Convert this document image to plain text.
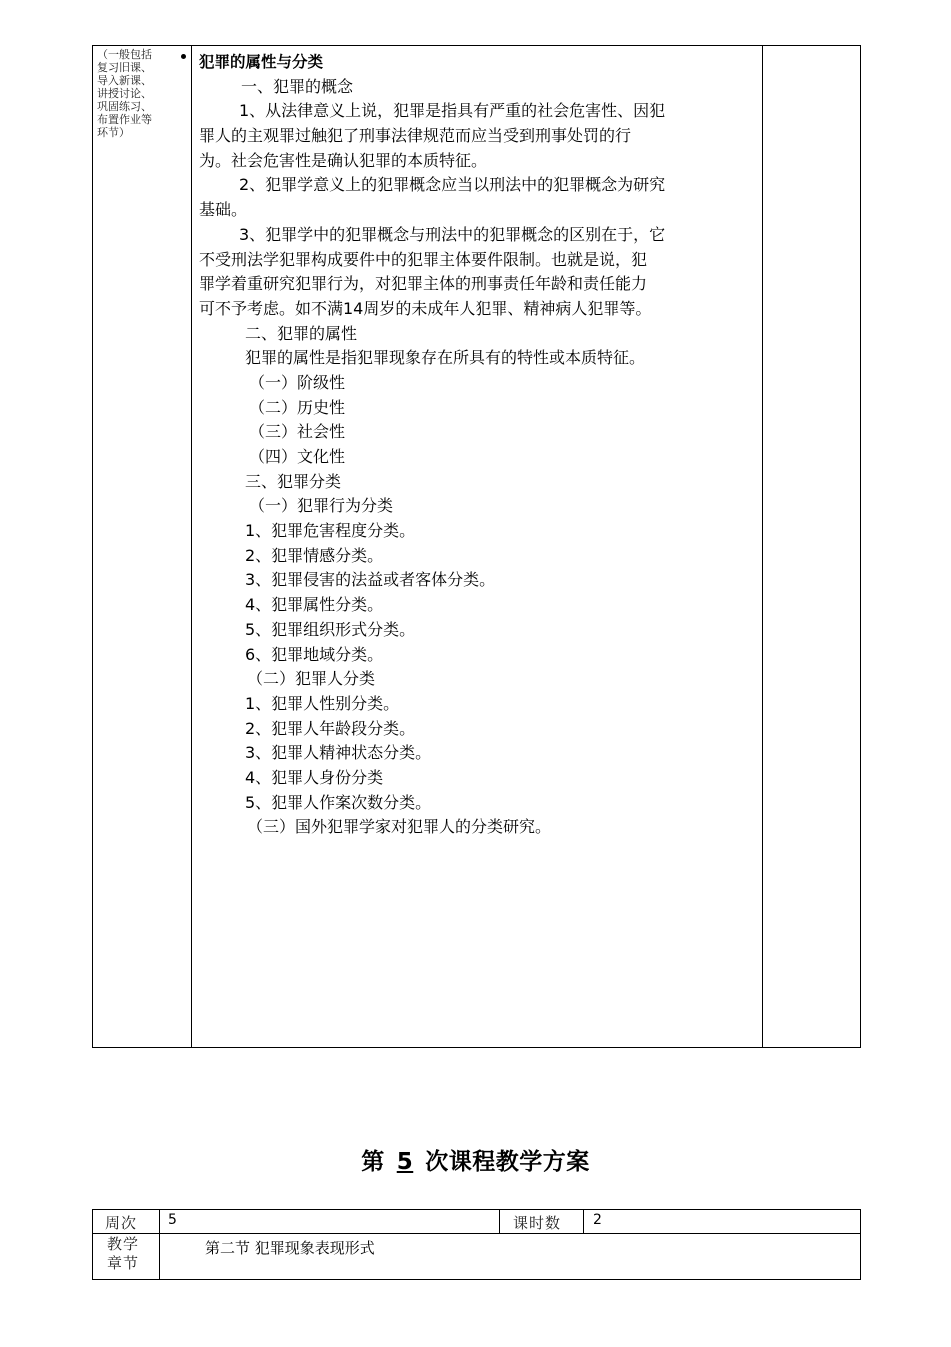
（一般包括
复习旧课、
导入新课、
讲授讨论、
巩固练习、
布置作业等
环节）
犯罪的属性与分类
一、犯罪的概念
1、从法律意义上说，犯罪是指具有严重的社会危害性、因犯
罪人的主观罪过触犯了刑事法律规范而应当受到刑事处罚的行
为。社会危害性是确认犯罪的本质特征。
2、犯罪学意义上的犯罪概念应当以刑法中的犯罪概念为研究
基础。
3、犯罪学中的犯罪概念与刑法中的犯罪概念的区别在于，它
不受刑法学犯罪构成要件中的犯罪主体要件限制。也就是说，犯
罪学着重研究犯罪行为，对犯罪主体的刑事责任年龄和责任能力
可不予考虑。如不满14周岁的未成年人犯罪、精神病人犯罪等。
二、犯罪的属性
犯罪的属性是指犯罪现象存在所具有的特性或本质特征。
（一）阶级性
（二）历史性
（三）社会性
（四）文化性
三、犯罪分类
（一）犯罪行为分类
1、犯罪危害程度分类。
2、犯罪情感分类。
3、犯罪侵害的法益或者客体分类。
4、犯罪属性分类。
5、犯罪组织形式分类。
6、犯罪地域分类。
（二）犯罪人分类
1、犯罪人性别分类。
2、犯罪人年龄段分类。
3、犯罪人精神状态分类。
4、犯罪人身份分类
5、犯罪人作案次数分类。
（三）国外犯罪学家对犯罪人的分类研究。
第 5 次课程教学方案
周次 5	课时数 2
教学
章节
第二节 犯罪现象表现形式
